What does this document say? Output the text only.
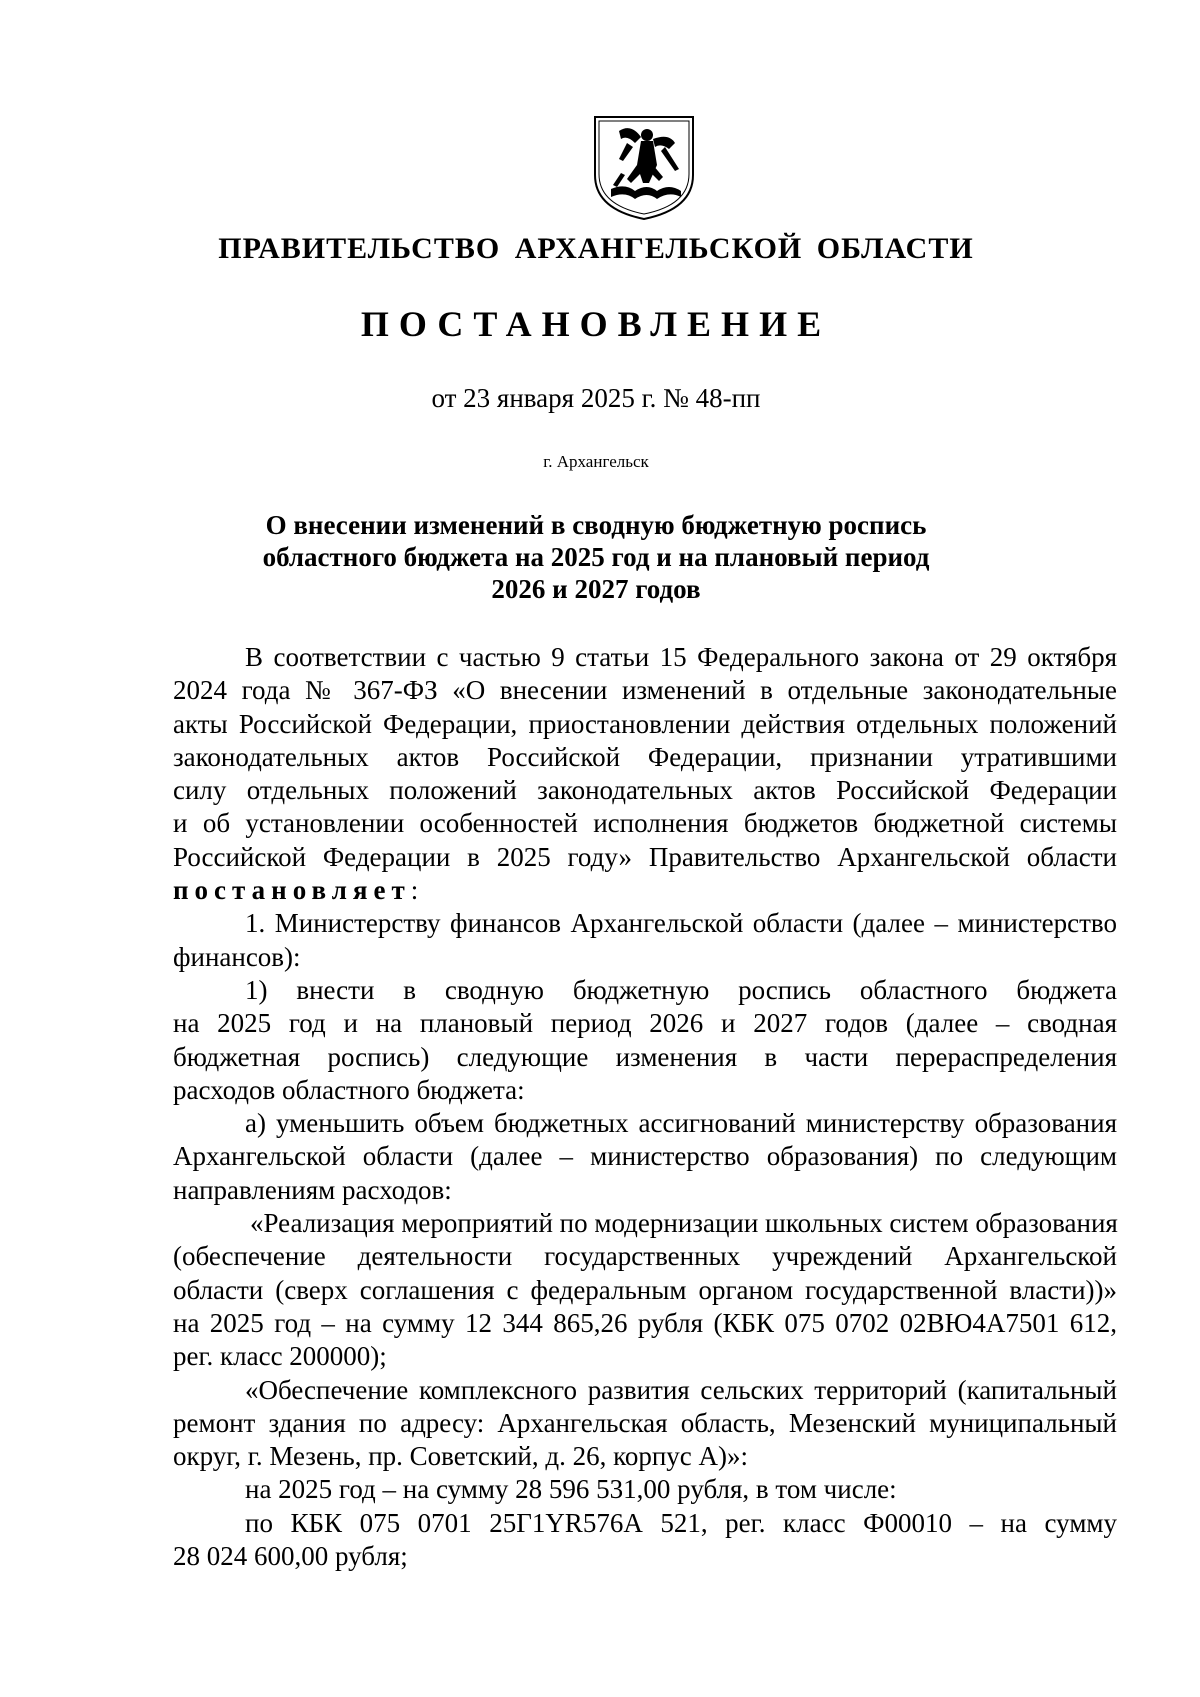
ПРАВИТЕЛЬСТВО АРХАНГЕЛЬСКОЙ ОБЛАСТИ
ПОСТАНОВЛЕНИЕ
от 23 января 2025 г. № 48-пп
г. Архангельск
О внесении изменений в сводную бюджетную роспись
областного бюджета на 2025 год и на плановый период
2026 и 2027 годов
В соответствии с частью 9 статьи 15 Федерального закона от 29 октября
2024 года № 367-ФЗ «О внесении изменений в отдельные законодательные
акты Российской Федерации, приостановлении действия отдельных положений
законодательных актов Российской Федерации, признании утратившими
силу отдельных положений законодательных актов Российской Федерации
и об установлении особенностей исполнения бюджетов бюджетной системы
Российской Федерации в 2025 году» Правительство Архангельской области
постановляет:
1. Министерству финансов Архангельской области (далее – министерство
финансов):
1) внести в сводную бюджетную роспись областного бюджета
на 2025 год и на плановый период 2026 и 2027 годов (далее – сводная
бюджетная роспись) следующие изменения в части перераспределения
расходов областного бюджета:
а) уменьшить объем бюджетных ассигнований министерству образования
Архангельской области (далее – министерство образования) по следующим
направлениям расходов:
«Реализация мероприятий по модернизации школьных систем образования
(обеспечение деятельности государственных учреждений Архангельской
области (сверх соглашения с федеральным органом государственной власти))»
на 2025 год – на сумму 12 344 865,26 рубля (КБК 075 0702 02ВЮ4А7501 612,
рег. класс 200000);
«Обеспечение комплексного развития сельских территорий (капитальный
ремонт здания по адресу: Архангельская область, Мезенский муниципальный
округ, г. Мезень, пр. Советский, д. 26, корпус А)»:
на 2025 год – на сумму 28 596 531,00 рубля, в том числе:
по КБК 075 0701 25Г1YR576А 521, рег. класс Ф00010 – на сумму
28 024 600,00 рубля;
